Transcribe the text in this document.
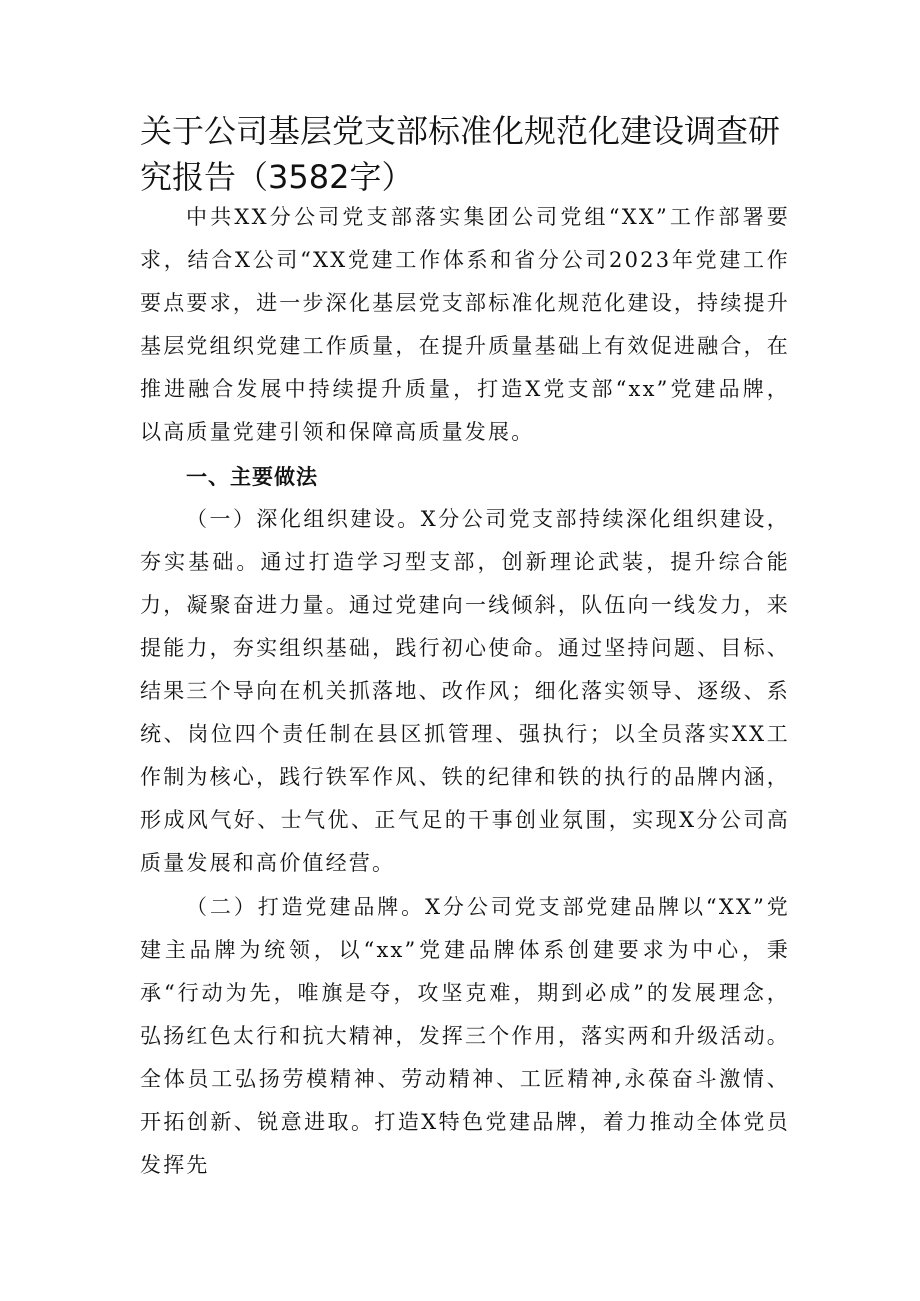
关于公司基层党支部标准化规范化建设调查研究报告（3582字）

中共XX分公司党支部落实集团公司党组“XX”工作部署要求，结合X公司“XX党建工作体系和省分公司2023年党建工作要点要求，进一步深化基层党支部标准化规范化建设，持续提升基层党组织党建工作质量，在提升质量基础上有效促进融合，在推进融合发展中持续提升质量，打造X党支部“xx”党建品牌，以高质量党建引领和保障高质量发展。

一、主要做法

（一）深化组织建设。X分公司党支部持续深化组织建设，夯实基础。通过打造学习型支部，创新理论武装，提升综合能力，凝聚奋进力量。通过党建向一线倾斜，队伍向一线发力，来提能力，夯实组织基础，践行初心使命。通过坚持问题、目标、结果三个导向在机关抓落地、改作风；细化落实领导、逐级、系统、岗位四个责任制在县区抓管理、强执行；以全员落实XX工作制为核心，践行铁军作风、铁的纪律和铁的执行的品牌内涵，形成风气好、士气优、正气足的干事创业氛围，实现X分公司高质量发展和高价值经营。

（二）打造党建品牌。X分公司党支部党建品牌以“XX”党建主品牌为统领，以“xx”党建品牌体系创建要求为中心，秉承“行动为先，唯旗是夺，攻坚克难，期到必成”的发展理念，弘扬红色太行和抗大精神，发挥三个作用，落实两和升级活动。全体员工弘扬劳模精神、劳动精神、工匠精神,永葆奋斗激情、开拓创新、锐意进取。打造X特色党建品牌，着力推动全体党员发挥先
